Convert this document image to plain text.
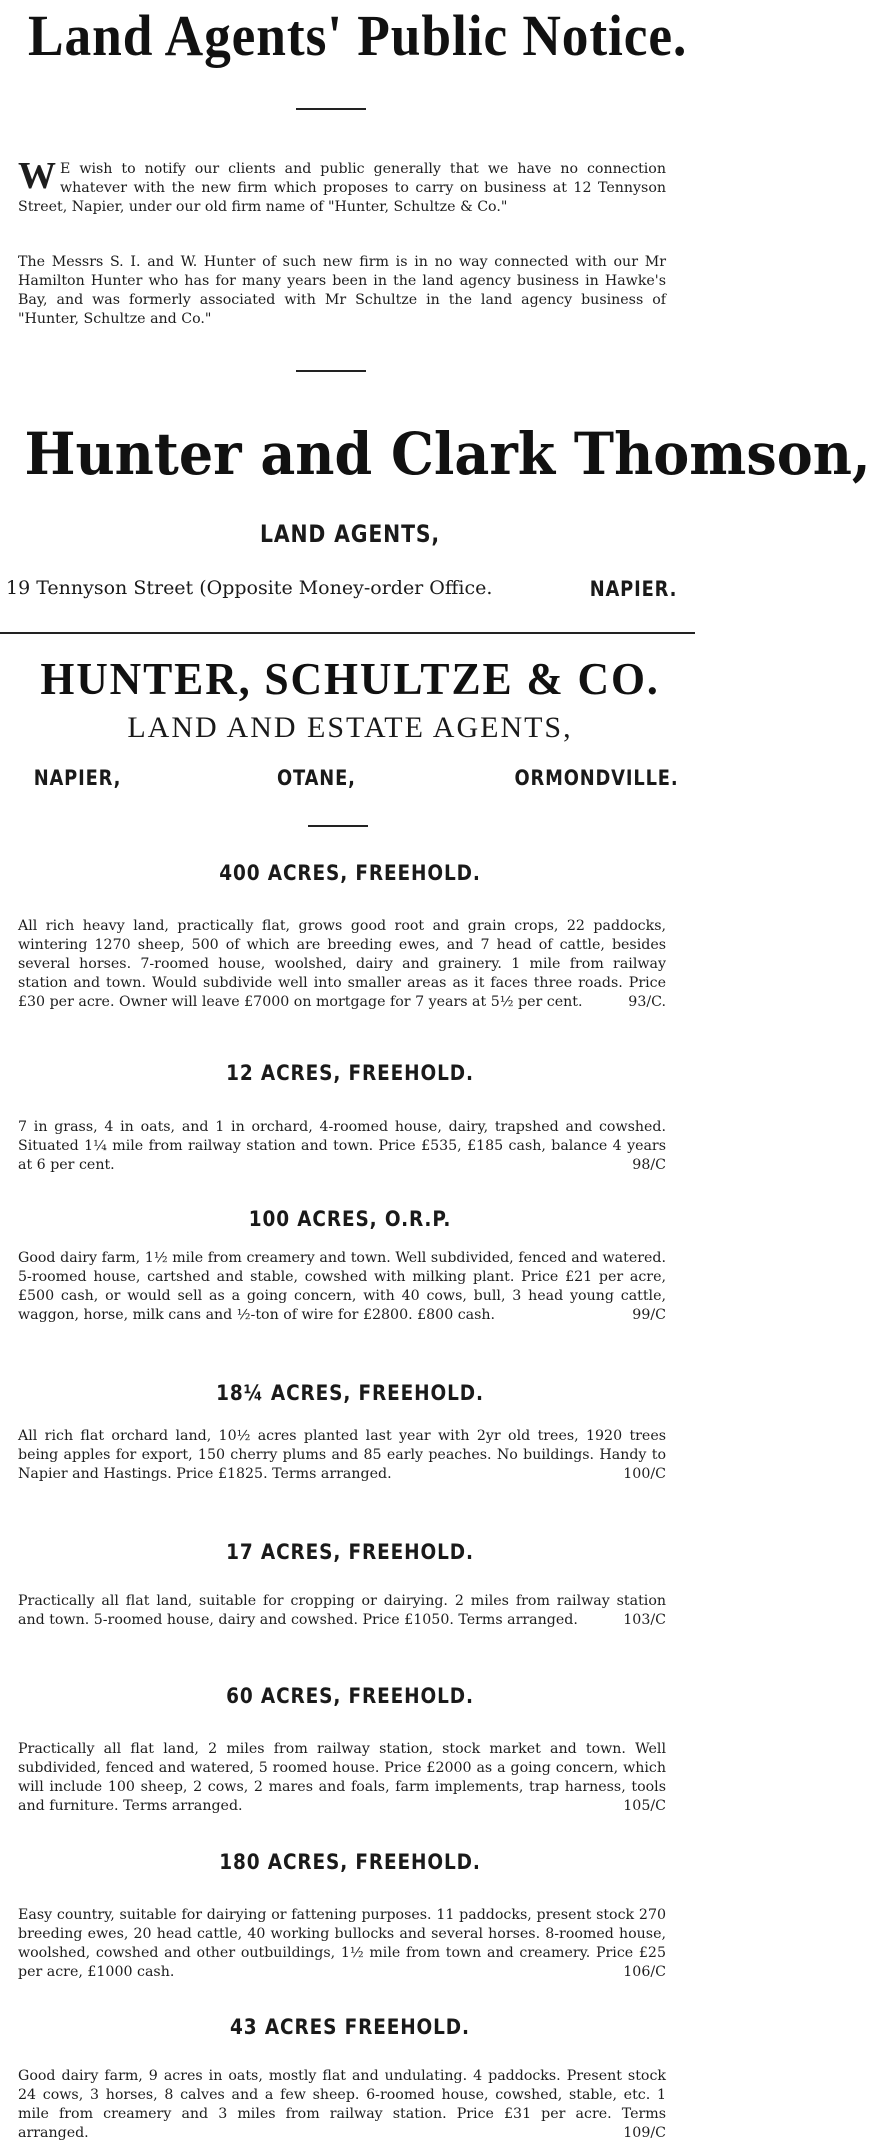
Land Agents' Public Notice.

W E wish to notify our clients and public generally that we have no connection whatever with the new firm which proposes to carry on business at 12 Tennyson Street, Napier, under our old firm name of "Hunter, Schultze & Co."

The Messrs S. I. and W. Hunter of such new firm is in no way connected with our Mr Hamilton Hunter who has for many years been in the land agency business in Hawke's Bay, and was formerly associated with Mr Schultze in the land agency business of "Hunter, Schultze and Co."

Hunter and Clark Thomson,
LAND AGENTS,
19 Tennyson Street (Opposite Money-order Office.	NAPIER.
HUNTER, SCHULTZE & CO.
LAND AND ESTATE AGENTS,
NAPIER,	OTANE,	ORMONDVILLE.
400 ACRES, FREEHOLD.

All rich heavy land, practically flat, grows good root and grain crops, 22 paddocks, wintering 1270 sheep, 500 of which are breeding ewes, and 7 head of cattle, besides several horses. 7-roomed house, woolshed, dairy and grainery. 1 mile from railway station and town. Would subdivide well into smaller areas as it faces three roads. Price £30 per acre. Owner will leave £7000 on mortgage for 7 years at 5½ per cent.	93/C.

12 ACRES, FREEHOLD.

7 in grass, 4 in oats, and 1 in orchard, 4-roomed house, dairy, trapshed and cowshed. Situated 1¼ mile from railway station and town. Price £535, £185 cash, balance 4 years at 6 per cent.	98/C

100 ACRES, O.R.P.

Good dairy farm, 1½ mile from creamery and town. Well subdivided, fenced and watered. 5-roomed house, cartshed and stable, cowshed with milking plant. Price £21 per acre, £500 cash, or would sell as a going concern, with 40 cows, bull, 3 head young cattle, waggon, horse, milk cans and ½-ton of wire for £2800. £800 cash.	99/C

18¼ ACRES, FREEHOLD.

All rich flat orchard land, 10½ acres planted last year with 2yr old trees, 1920 trees being apples for export, 150 cherry plums and 85 early peaches. No buildings. Handy to Napier and Hastings. Price £1825. Terms arranged.	100/C

17 ACRES, FREEHOLD.

Practically all flat land, suitable for cropping or dairying. 2 miles from railway station and town. 5-roomed house, dairy and cowshed. Price £1050. Terms arranged.	103/C

60 ACRES, FREEHOLD.

Practically all flat land, 2 miles from railway station, stock market and town. Well subdivided, fenced and watered, 5 roomed house. Price £2000 as a going concern, which will include 100 sheep, 2 cows, 2 mares and foals, farm implements, trap harness, tools and furniture. Terms arranged.	105/C

180 ACRES, FREEHOLD.

Easy country, suitable for dairying or fattening purposes. 11 paddocks, present stock 270 breeding ewes, 20 head cattle, 40 working bullocks and several horses. 8-roomed house, woolshed, cowshed and other outbuildings, 1½ mile from town and creamery. Price £25 per acre, £1000 cash.	106/C

43 ACRES FREEHOLD.

Good dairy farm, 9 acres in oats, mostly flat and undulating. 4 paddocks. Present stock 24 cows, 3 horses, 8 calves and a few sheep. 6-roomed house, cowshed, stable, etc. 1 mile from creamery and 3 miles from railway station. Price £31 per acre. Terms arranged.	109/C
